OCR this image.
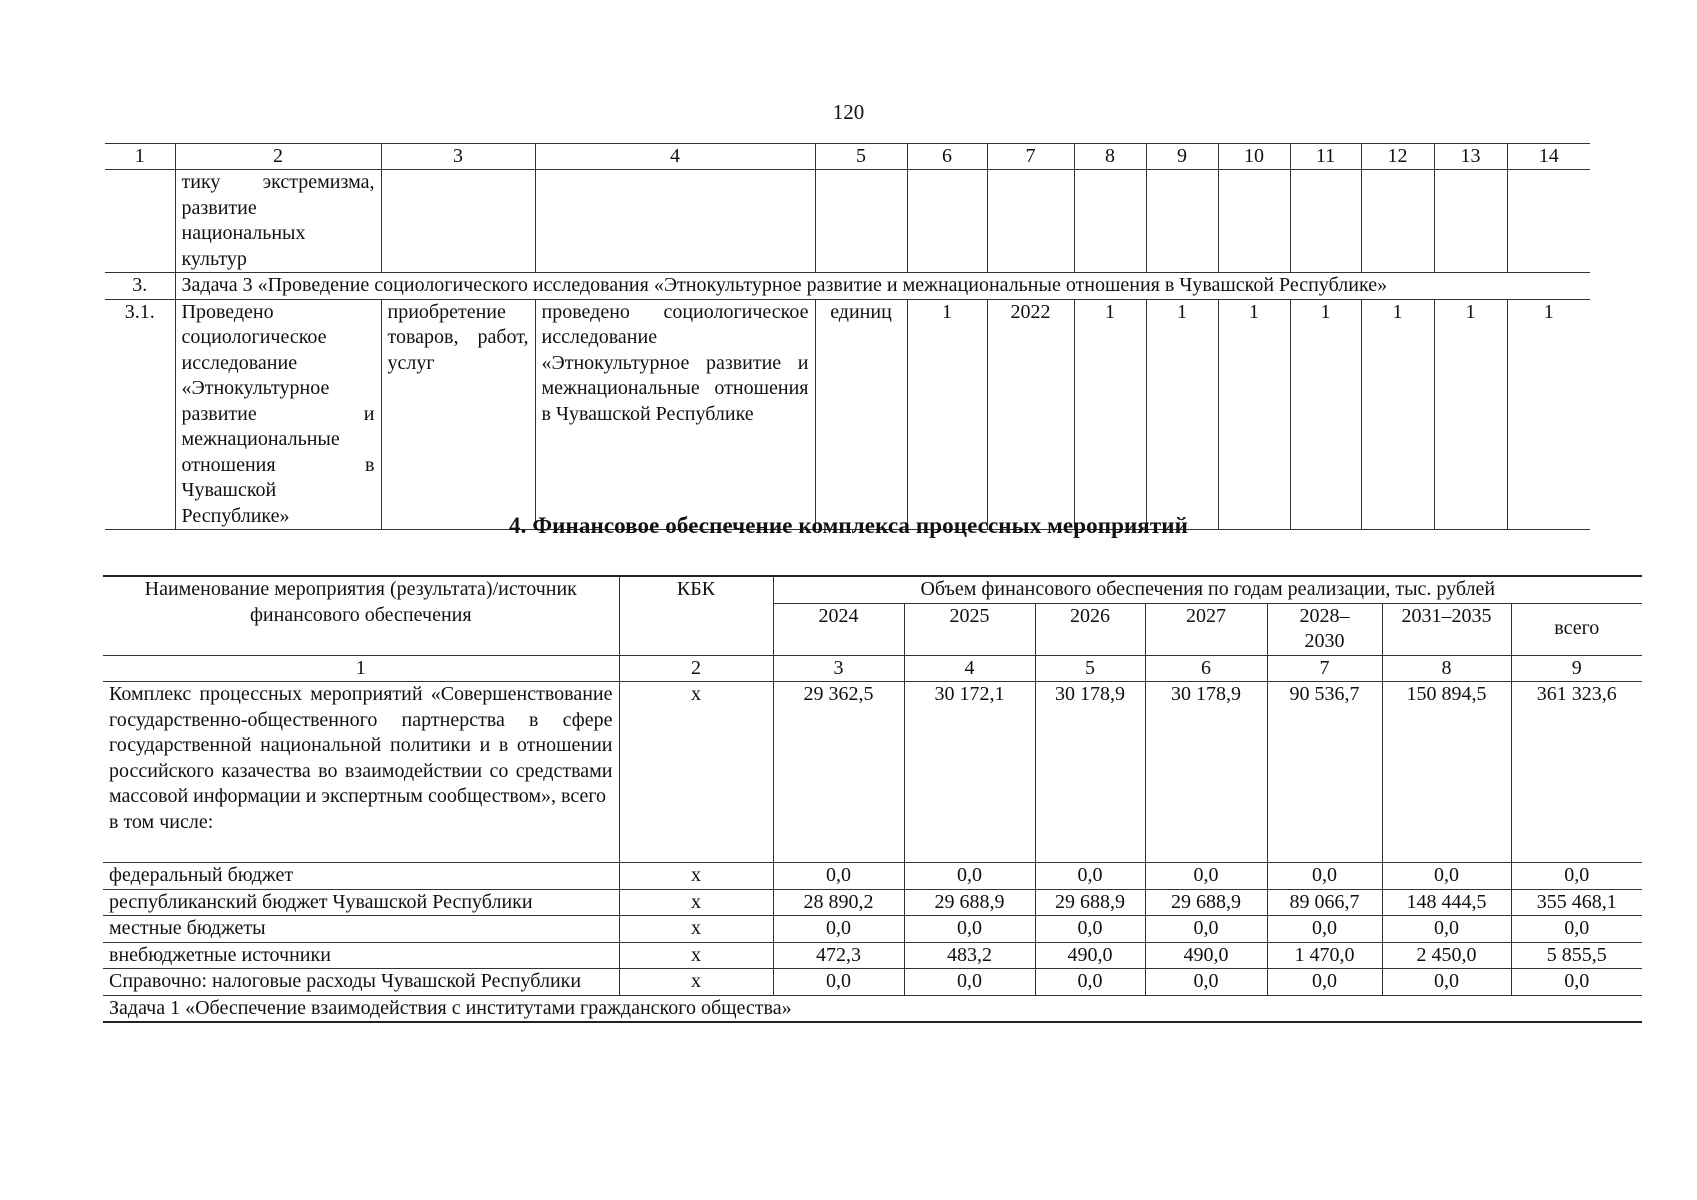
120
1	2	3	4	5	6	7	8	9	10	11	12	13	14
	тику экстремизма, развитие национальных культур												
3.	Задача 3 «Проведение социологического исследования «Этнокультурное развитие и межнациональные отношения в Чувашской Республике»												
3.1.	Проведено социологическое исследование «Этнокультурное развитие и межнациональные отношения в Чувашской Республике»	приобретение товаров, работ, услуг	проведено социологическое исследование «Этнокультурное развитие и межнациональные отношения в Чувашской Республике	единиц	1	2022	1	1	1	1	1	1	1
4. Финансовое обеспечение комплекса процессных мероприятий
Наименование мероприятия (результата)/источник финансового обеспечения	КБК	Объем финансового обеспечения по годам реализации, тыс. рублей						
		2024	2025	2026	2027	2028–2030	2031–2035	всего
1	2	3	4	5	6	7	8	9

Комплекс процессных мероприятий «Совершенствование государственно-общественного партнерства в сфере государственной национальной политики и в отношении российского казачества во взаимодействии со средствами массовой информации и экспертным сообществом», всего
в том числе:	х	29 362,5	30 172,1	30 178,9	30 178,9	90 536,7	150 894,5	361 323,6
федеральный бюджет	х	0,0	0,0	0,0	0,0	0,0	0,0	0,0
республиканский бюджет Чувашской Республики	х	28 890,2	29 688,9	29 688,9	29 688,9	89 066,7	148 444,5	355 468,1
местные бюджеты	х	0,0	0,0	0,0	0,0	0,0	0,0	0,0
внебюджетные источники	х	472,3	483,2	490,0	490,0	1 470,0	2 450,0	5 855,5
Справочно: налоговые расходы Чувашской Республики	х	0,0	0,0	0,0	0,0	0,0	0,0	0,0
Задача 1 «Обеспечение взаимодействия с институтами гражданского общества»								
